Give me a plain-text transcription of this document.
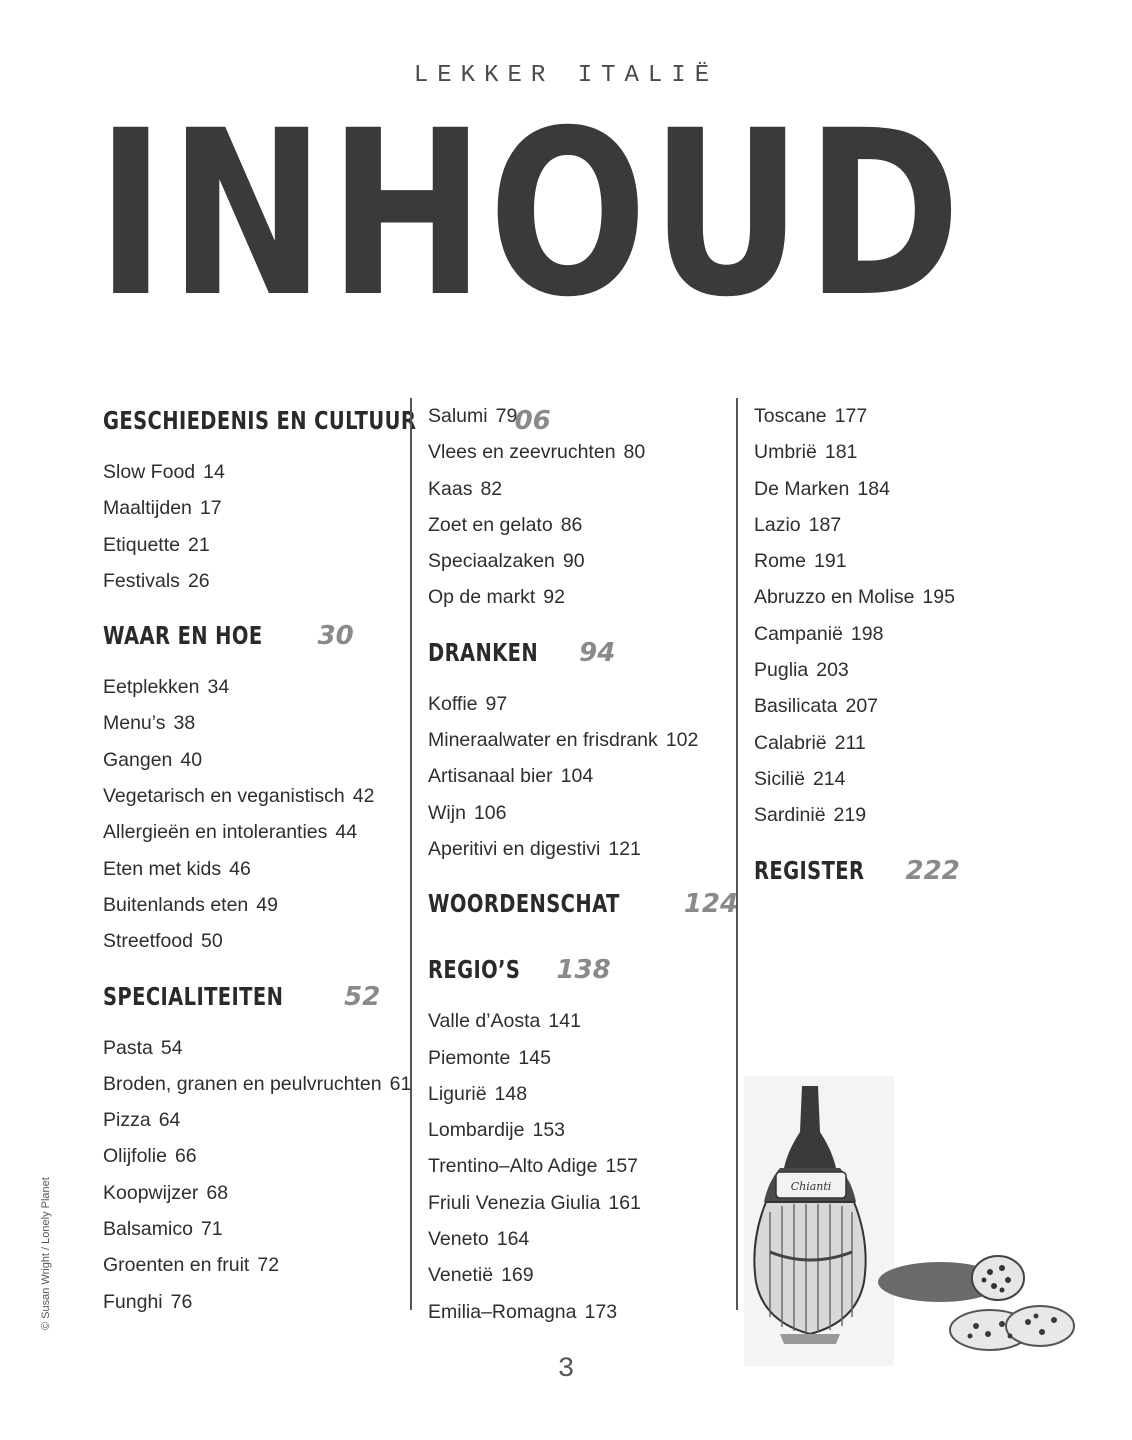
LEKKER ITALIË
INHOUD
GESCHIEDENIS EN CULTUUR	06
Slow Food 14
Maaltijden 17
Etiquette 21
Festivals 26
WAAR EN HOE 30
Eetplekken 34
Menu’s 38
Gangen 40
Vegetarisch en veganistisch 42
Allergieën en intoleranties 44
Eten met kids 46
Buitenlands eten 49
Streetfood 50
SPECIALITEITEN 52
Pasta 54
Broden, granen en peulvruchten 61
Pizza 64
Olijfolie 66
Koopwijzer 68
Balsamico 71
Groenten en fruit 72
Funghi 76
Salumi 79
Vlees en zeevruchten 80
Kaas 82
Zoet en gelato 86
Speciaalzaken 90
Op de markt 92
DRANKEN 94
Koffie 97
Mineraalwater en frisdrank 102
Artisanaal bier 104
Wijn 106
Aperitivi en digestivi 121
WOORDENSCHAT 124
REGIO’S 138
Valle d’Aosta 141
Piemonte 145
Ligurië 148
Lombardije 153
Trentino–Alto Adige 157
Friuli Venezia Giulia 161
Veneto 164
Venetië 169
Emilia–Romagna 173
Toscane 177
Umbrië 181
De Marken 184
Lazio 187
Rome 191
Abruzzo en Molise 195
Campanië 198
Puglia 203
Basilicata 207
Calabrië 211
Sicilië 214
Sardinië 219
REGISTER 222
Chianti
© Susan Wright / Lonely Planet
3
